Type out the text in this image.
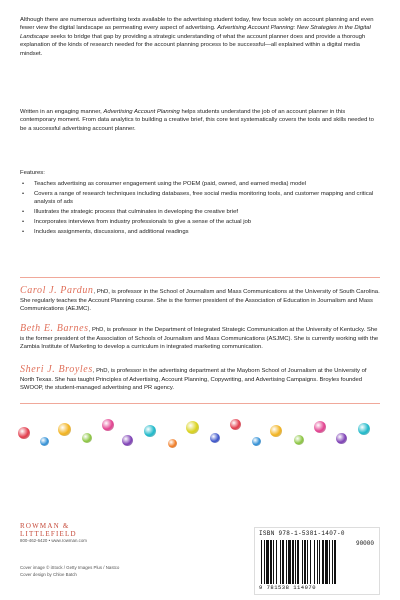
Although there are numerous advertising texts available to the advertising student today, few focus solely on account planning and even fewer view the digital landscape as permeating every aspect of advertising. Advertising Account Planning: New Strategies in the Digital Landscape seeks to bridge that gap by providing a strategic understanding of what the account planner does and provide a thorough explanation of the kinds of research needed for the account planning process to be successful—all explained within a digital media mindset.
Written in an engaging manner, Advertising Account Planning helps students understand the job of an account planner in this contemporary moment. From data analytics to building a creative brief, this core text systematically covers the tools and skills needed to be a successful advertising account planner.
Features:
• Teaches advertising as consumer engagement using the POEM (paid, owned, and earned media) model
• Covers a range of research techniques including databases, free social media monitoring tools, and customer mapping and critical analysis of ads
• Illustrates the strategic process that culminates in developing the creative brief
• Incorporates interviews from industry professionals to give a sense of the actual job
• Includes assignments, discussions, and additional readings
Carol J. Pardun, PhD, is professor in the School of Journalism and Mass Communications at the University of South Carolina. She regularly teaches the Account Planning course. She is the former president of the Association of Education in Journalism and Mass Communications (AEJMC).
Beth E. Barnes, PhD, is professor in the Department of Integrated Strategic Communication at the University of Kentucky. She is the former president of the Association of Schools of Journalism and Mass Communications (ASJMC). She is currently working with the Zambia Institute of Marketing to develop a curriculum in integrated marketing communication.
Sheri J. Broyles, PhD, is professor in the advertising department at the Mayborn School of Journalism at the University of North Texas. She has taught Principles of Advertising, Account Planning, Copywriting, and Advertising Campaigns. Broyles founded SWOOP, the student-managed advertising and PR agency.
ROWMAN &
LITTLEFIELD
800-462-6420 • www.rowman.com
Cover image © iStock / Getty Images Plus / Nastco
Cover design by Chloe Batch
ISBN 978-1-5381-1407-0
90000
9 781538 114070
